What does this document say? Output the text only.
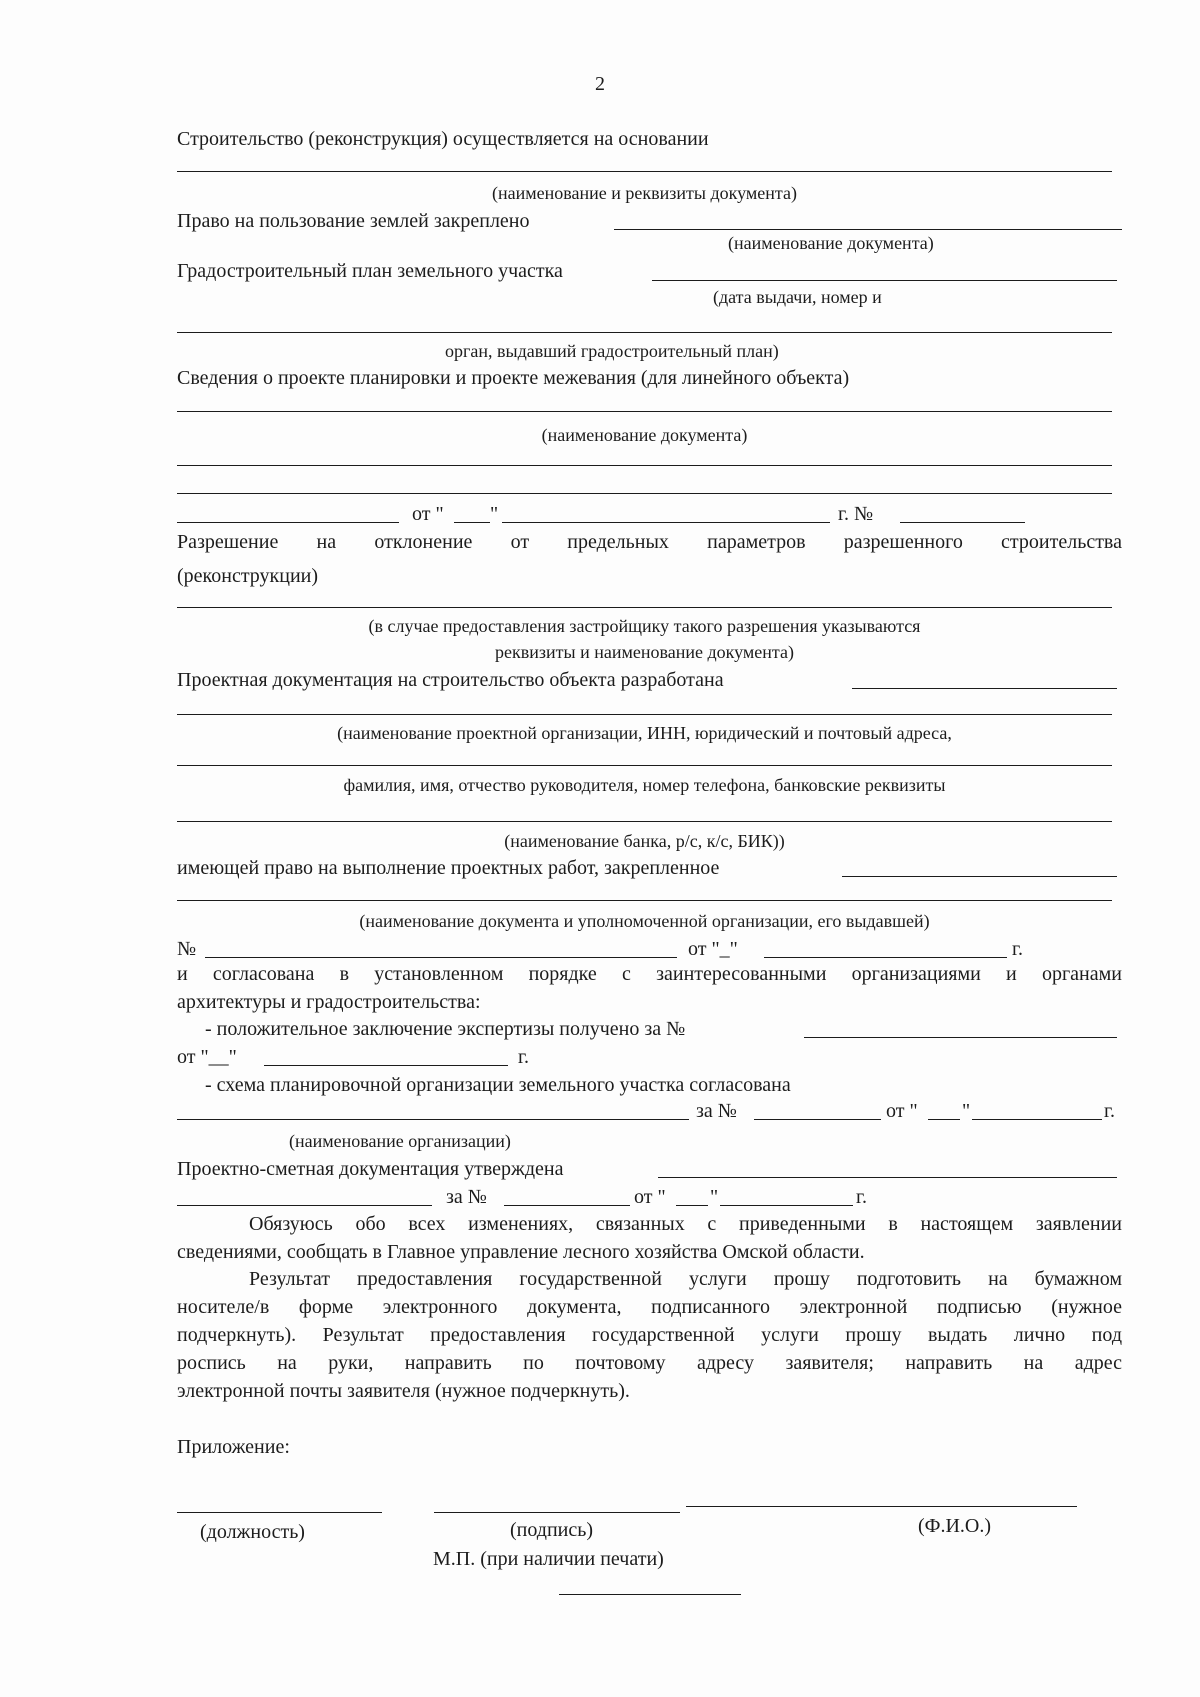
2
Строительство (реконструкция) осуществляется на основании
(наименование и реквизиты документа)
Право на пользование землей закреплено
(наименование документа)
Градостроительный план земельного участка
(дата выдачи, номер и
орган, выдавший градостроительный план)
Сведения о проекте планировки и проекте межевания (для линейного объекта)
(наименование документа)
от " "	г. №
Разрешение на отклонение от предельных параметров разрешенного строительства
(реконструкции)
(в случае предоставления застройщику такого разрешения указываются
реквизиты и наименование документа)
Проектная документация на строительство объекта разработана
(наименование проектной организации, ИНН, юридический и почтовый адреса,
фамилия, имя, отчество руководителя, номер телефона, банковские реквизиты
(наименование банка, р/с, к/с, БИК))
имеющей право на выполнение проектных работ, закрепленное
(наименование документа и уполномоченной организации, его выдавшей)
№	от "_"	г.
и согласована в установленном порядке с заинтересованными организациями и органами
архитектуры и градостроительства:
- положительное заключение экспертизы получено за №
от "__"	г.
- схема планировочной организации земельного участка согласована
за №	от " "	г.
(наименование организации)
Проектно-сметная документация утверждена
за №	от " "	г.
Обязуюсь обо всех изменениях, связанных с приведенными в настоящем заявлении
сведениями, сообщать в Главное управление лесного хозяйства Омской области.
Результат предоставления государственной услуги прошу подготовить на бумажном
носителе/в форме электронного документа, подписанного электронной подписью (нужное
подчеркнуть). Результат предоставления государственной услуги прошу выдать лично под
роспись на руки, направить по почтовому адресу заявителя; направить на адрес
электронной почты заявителя (нужное подчеркнуть).
Приложение:
(должность)	(подпись)	(Ф.И.О.)
М.П. (при наличии печати)
